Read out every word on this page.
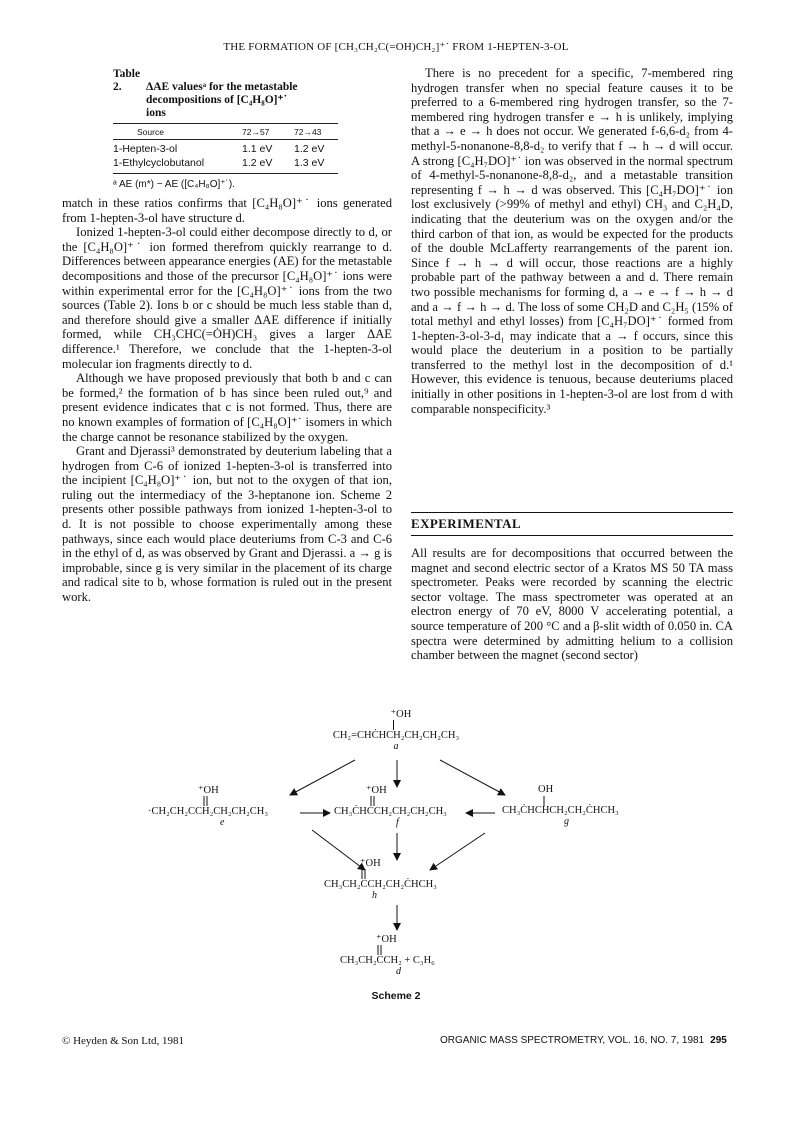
THE FORMATION OF [CH₃CH₂C(=OH)CH₂]⁺˙ FROM 1-HEPTEN-3-OL
Table 2. ΔAE valuesᵃ for the metastable
decompositions of [C₄H₈O]⁺˙
ions
Source	72→57	72→43
1-Hepten-3-ol	1.1 eV	1.2 eV
1-Ethylcyclobutanol	1.2 eV	1.3 eV
ᵃ AE (m*) − AE ([C₄H₈O]⁺˙).

match in these ratios confirms that [C₄H₈O]⁺˙ ions generated from 1-hepten-3-ol have structure d.

Ionized 1-hepten-3-ol could either decompose directly to d, or the [C₄H₈O]⁺˙ ion formed therefrom quickly rearrange to d. Differences between appearance energies (AE) for the metastable decompositions and those of the precursor [C₄H₈O]⁺˙ ions were within experimental error for the [C₄H₈O]⁺˙ ions from the two sources (Table 2). Ions b or c should be much less stable than d, and therefore should give a smaller ΔAE difference if initially formed, while CH₃CHC(=ȮH)CH₃ gives a larger ΔAE difference.¹ Therefore, we conclude that the 1-hepten-3-ol molecular ion fragments directly to d.

Although we have proposed previously that both b and c can be formed,² the formation of b has since been ruled out,⁹ and present evidence indicates that c is not formed. Thus, there are no known examples of formation of [C₄H₈O]⁺˙ isomers in which the charge cannot be resonance stabilized by the oxygen.

Grant and Djerassi³ demonstrated by deuterium labeling that a hydrogen from C-6 of ionized 1-hepten-3-ol is transferred into the incipient [C₄H₈O]⁺˙ ion, but not to the oxygen of that ion, ruling out the intermediacy of the 3-heptanone ion. Scheme 2 presents other possible pathways from ionized 1-hepten-3-ol to d. It is not possible to choose experimentally among these pathways, since each would place deuteriums from C-3 and C-6 in the ethyl of d, as was observed by Grant and Djerassi. a → g is improbable, since g is very similar in the placement of its charge and radical site to b, whose formation is ruled out in the present work.

There is no precedent for a specific, 7-membered ring hydrogen transfer when no special feature causes it to be preferred to a 6-membered ring hydrogen transfer, so the 7-membered ring hydrogen transfer e → h is unlikely, implying that a → e → h does not occur. We generated f-6,6-d₂ from 4-methyl-5-nonanone-8,8-d₂ to verify that f → h → d will occur. A strong [C₄H₇DO]⁺˙ ion was observed in the normal spectrum of 4-methyl-5-nonanone-8,8-d₂, and a metastable transition representing f → h → d was observed. This [C₄H₇DO]⁺˙ ion lost exclusively (>99% of methyl and ethyl) CH₃ and C₂H₄D, indicating that the deuterium was on the oxygen and/or the third carbon of that ion, as would be expected for the products of the double McLafferty rearrangements of the parent ion. Since f → h → d will occur, those reactions are a highly probable part of the pathway between a and d. There remain two possible mechanisms for forming d, a → e → f → h → d and a → f → h → d. The loss of some CH₂D and C₂H₅ (15% of total methyl and ethyl losses) from [C₄H₇DO]⁺˙ formed from 1-hepten-3-ol-3-d₁ may indicate that a → f occurs, since this would place the deuterium in a position to be partially transferred to the methyl lost in the decomposition of d.¹ However, this evidence is tenuous, because deuteriums placed initially in other positions in 1-hepten-3-ol are lost from d with comparable nonspecificity.³

EXPERIMENTAL

All results are for decompositions that occurred between the magnet and second electric sector of a Kratos MS 50 TA mass spectrometer. Peaks were recorded by scanning the electric sector voltage. The mass spectrometer was operated at an electron energy of 70 eV, 8000 V accelerating potential, a source temperature of 200 °C and a β-slit width of 0.050 in. CA spectra were determined by admitting helium to a collision chamber between the magnet (second sector)

⁺OH
CH₂=CHĊHCH₂CH₂CH₂CH₃
a
⁺OH
·CH₂CH₂CCH₂CH₂CH₂CH₃
e
⁺OH
CH₃ĊHCCH₂CH₂CH₂CH₃
f
OH
CH₃ĊHCHCH₂CH₂ĊHCH₃
g
⁺OH
CH₃CH₂CCH₂CH₂ĊHCH₃
h
⁺OH
CH₃CH₂CCH₂ + C₃H₆
d
Scheme 2
© Heyden & Son Ltd, 1981	ORGANIC MASS SPECTROMETRY, VOL. 16, NO. 7, 1981 295
